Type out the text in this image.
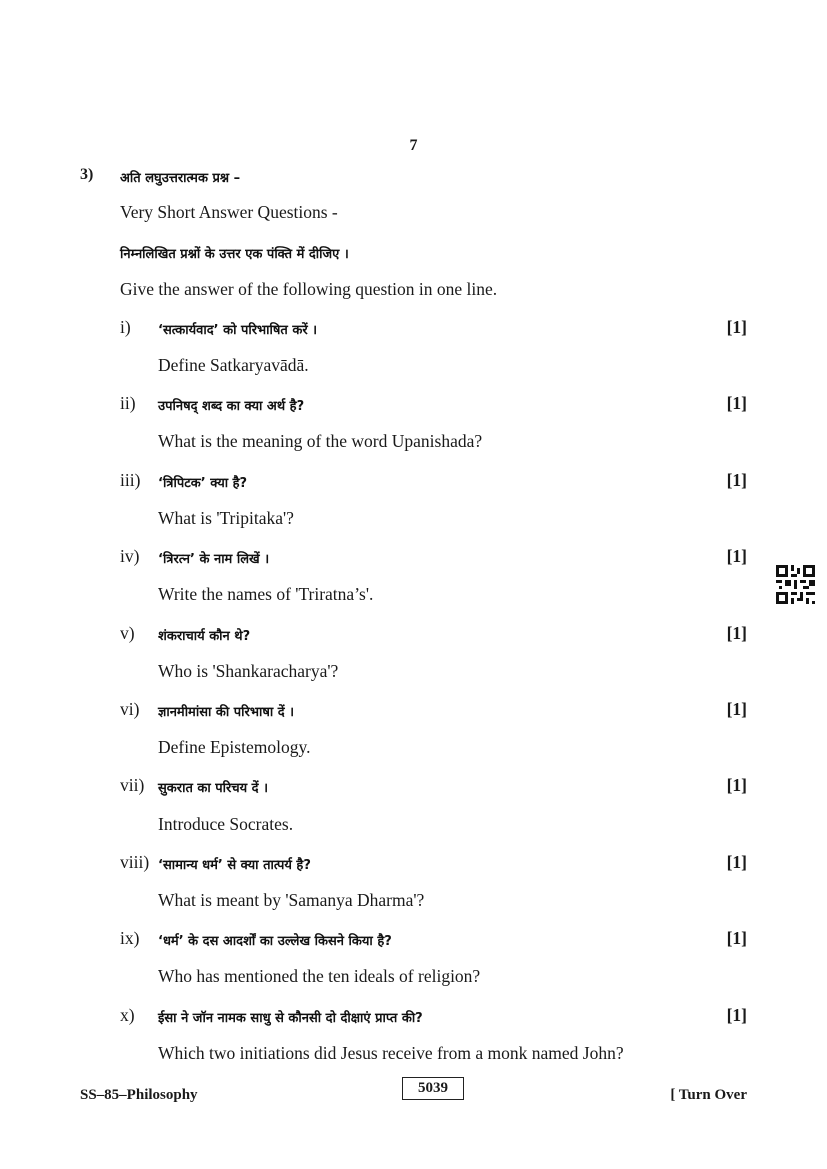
7
3) अति लघुउत्तरात्मक प्रश्न –
Very Short Answer Questions -
निम्नलिखित प्रश्नों के उत्तर एक पंक्ति में दीजिए ।
Give the answer of the following question in one line.
i) ‘सत्कार्यवाद’ को परिभाषित करें ।	[1]
Define Satkaryavādā.
ii) उपनिषद् शब्द का क्या अर्थ है?	[1]
What is the meaning of the word Upanishada?
iii) ‘त्रिपिटक’ क्या है?	[1]
What is 'Tripitaka'?
iv) ‘त्रिरत्न’ के नाम लिखें ।	[1]
Write the names of 'Triratna’s'.
v) शंकराचार्य कौन थे?	[1]
Who is 'Shankaracharya'?
vi) ज्ञानमीमांसा की परिभाषा दें ।	[1]
Define Epistemology.
vii) सुकरात का परिचय दें ।	[1]
Introduce Socrates.
viii) ‘सामान्य धर्म’ से क्या तात्पर्य है?	[1]
What is meant by 'Samanya Dharma'?
ix) ‘धर्म’ के दस आदर्शों का उल्लेख किसने किया है?	[1]
Who has mentioned the ten ideals of religion?
x) ईसा ने जॉन नामक साधु से कौनसी दो दीक्षाएं प्राप्त की?	[1]
Which two initiations did Jesus receive from a monk named John?
SS–85–Philosophy	5039	[ Turn Over
